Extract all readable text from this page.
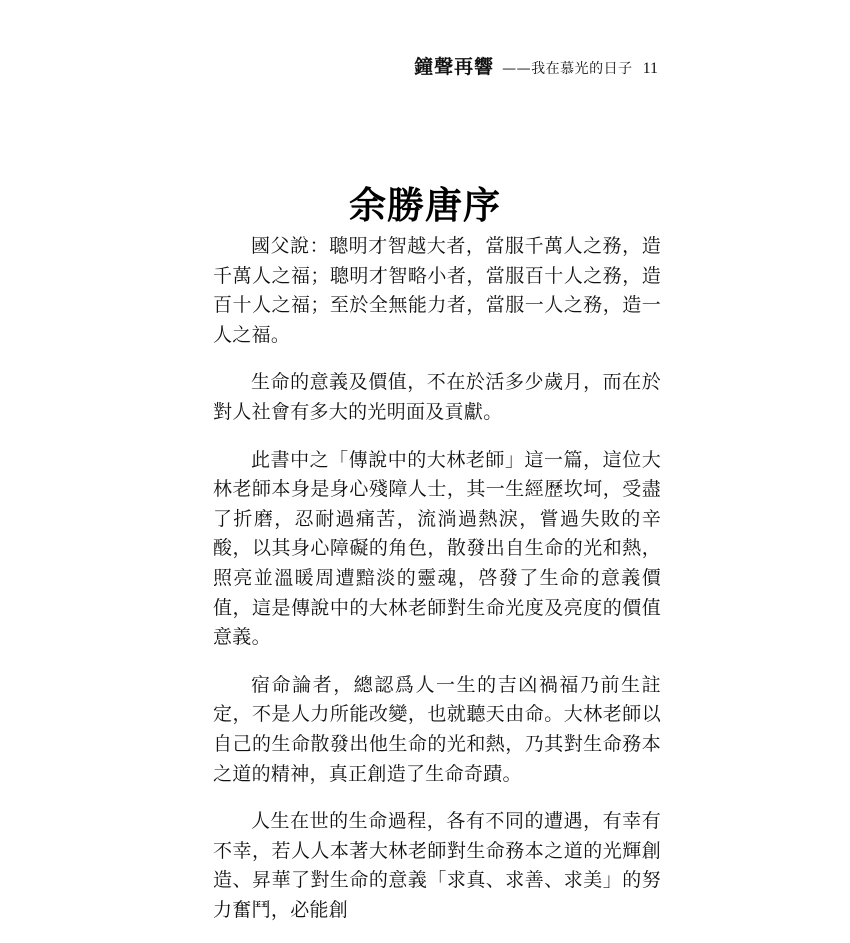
鐘聲再響 ——我在慕光的日子 11
余勝唐序

國父說：聰明才智越大者，當服千萬人之務，造千萬人之福；聰明才智略小者，當服百十人之務，造百十人之福；至於全無能力者，當服一人之務，造一人之福。

生命的意義及價值，不在於活多少歲月，而在於對人社會有多大的光明面及貢獻。

此書中之「傳說中的大林老師」這一篇，這位大林老師本身是身心殘障人士，其一生經歷坎坷，受盡了折磨，忍耐過痛苦，流淌過熱淚，嘗過失敗的辛酸，以其身心障礙的角色，散發出自生命的光和熱，照亮並溫暖周遭黯淡的靈魂，啓發了生命的意義價值，這是傳說中的大林老師對生命光度及亮度的價值意義。

宿命論者，總認爲人一生的吉凶禍福乃前生註定，不是人力所能改變，也就聽天由命。大林老師以自己的生命散發出他生命的光和熱，乃其對生命務本之道的精神，真正創造了生命奇蹟。

人生在世的生命過程，各有不同的遭遇，有幸有不幸，若人人本著大林老師對生命務本之道的光輝創造、昇華了對生命的意義「求真、求善、求美」的努力奮鬥，必能創
